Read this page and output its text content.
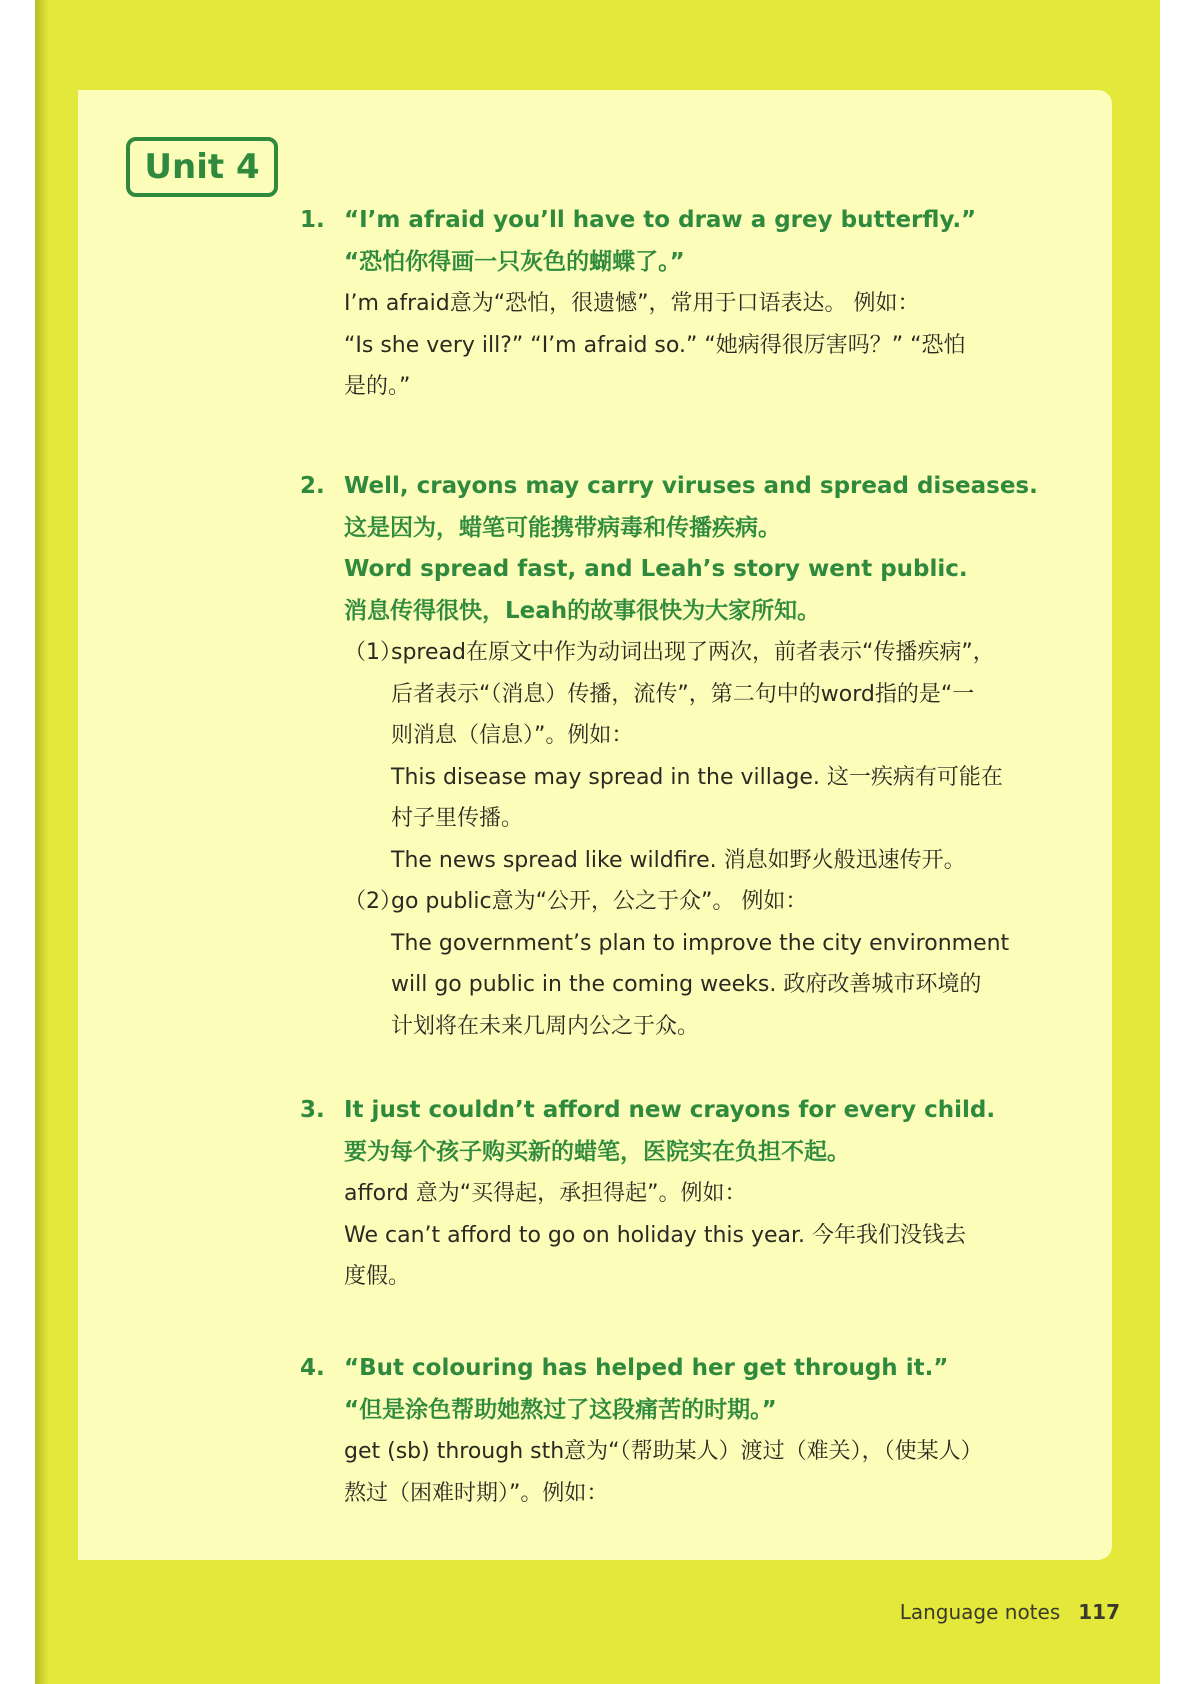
Unit 4
1. “I’m afraid you’ll have to draw a grey butterfly.”
“恐怕你得画一只灰色的蝴蝶了。”
I’m afraid意为“恐怕，很遗憾”，常用于口语表达。 例如：
“Is she very ill?” “I’m afraid so.” “她病得很厉害吗？” “恐怕
是的。”
2. Well, crayons may carry viruses and spread diseases.
这是因为，蜡笔可能携带病毒和传播疾病。
Word spread fast, and Leah’s story went public.
消息传得很快，Leah的故事很快为大家所知。
（1）
spread在原文中作为动词出现了两次，前者表示“传播疾病”，
后者表示“（消息）传播，流传”，第二句中的word指的是“一
则消息（信息）”。例如：
This disease may spread in the village. 这一疾病有可能在
村子里传播。
The news spread like wildfire. 消息如野火般迅速传开。
（2）
go public意为“公开，公之于众”。 例如：
The government’s plan to improve the city environment
will go public in the coming weeks. 政府改善城市环境的
计划将在未来几周内公之于众。
3. It just couldn’t afford new crayons for every child.
要为每个孩子购买新的蜡笔，医院实在负担不起。
afford 意为“买得起，承担得起”。例如：
We can’t afford to go on holiday this year. 今年我们没钱去
度假。
4. “But colouring has helped her get through it.”
“但是涂色帮助她熬过了这段痛苦的时期。”
get (sb) through sth意为“（帮助某人）渡过（难关），（使某人）
熬过（困难时期）”。例如：
Language notes 117
